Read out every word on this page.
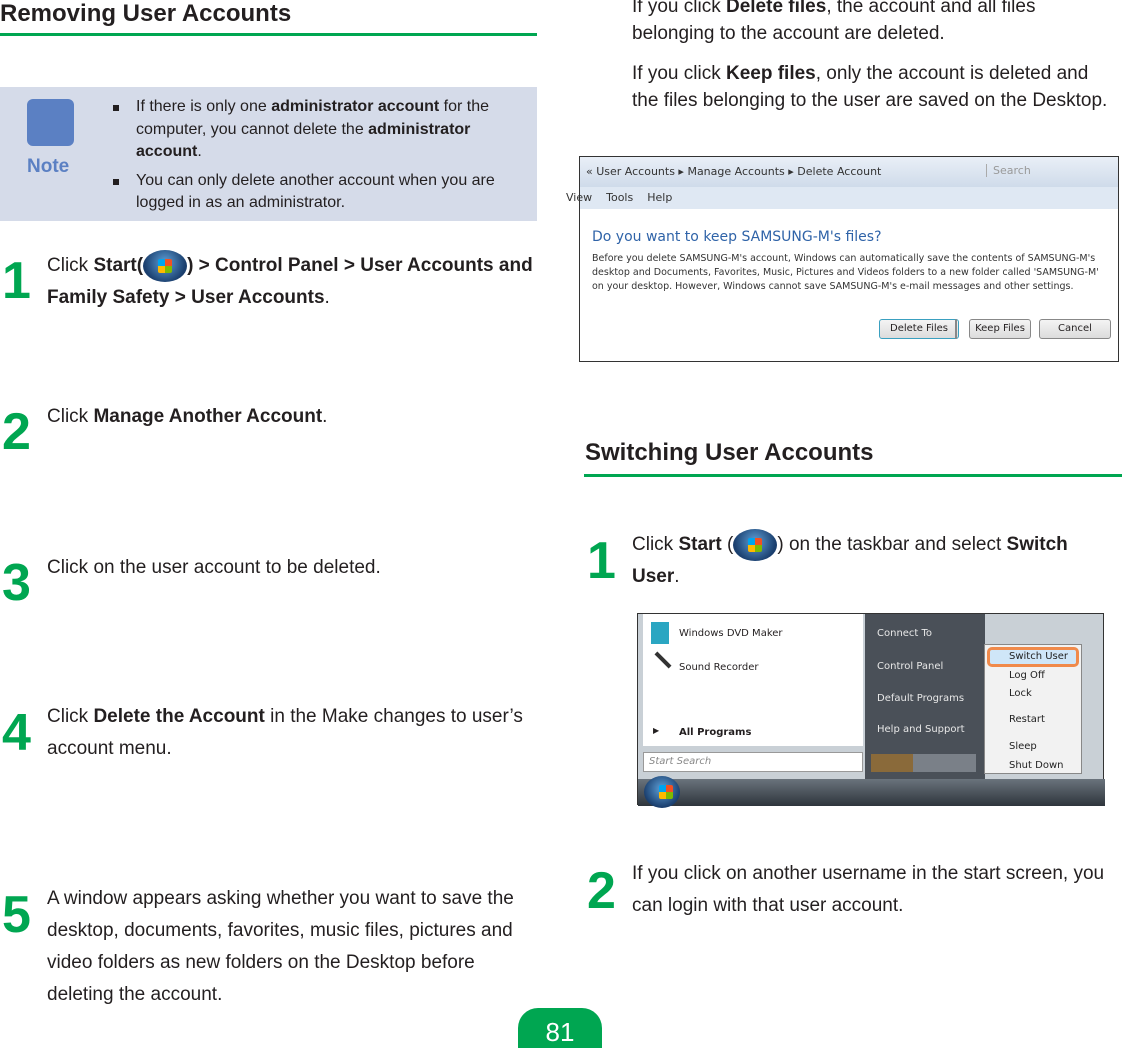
Removing User Accounts
If there is only one administrator account for the computer, you cannot delete the administrator account.
You can only delete another account when you are logged in as an administrator.
Note
1 Click Start( ) > Control Panel > User Accounts and Family Safety > User Accounts.
2 Click Manage Another Account.
3 Click on the user account to be deleted.
4 Click Delete the Account in the Make changes to user’s account menu.
5 A window appears asking whether you want to save the desktop, documents, favorites, music files, pictures and video folders as new folders on the Desktop before deleting the account.
If you click Delete files, the account and all files belonging to the account are deleted.
If you click Keep files, only the account is deleted and the files belonging to the user are saved on the Desktop.
« User Accounts ▸ Manage Accounts ▸ Delete Account	Search
View Tools Help
Do you want to keep SAMSUNG-M's files?
Before you delete SAMSUNG-M's account, Windows can automatically save the contents of SAMSUNG-M's desktop and Documents, Favorites, Music, Pictures and Videos folders to a new folder called 'SAMSUNG-M' on your desktop. However, Windows cannot save SAMSUNG-M's e-mail messages and other settings.
Delete Files	Keep Files	Cancel
Switching User Accounts
1 Click Start ( ) on the taskbar and select Switch User.
Windows DVD Maker
Sound Recorder
▶ All Programs
Start Search
Connect To
Control Panel
Default Programs
Help and Support
Switch User
Log Off
Lock
Restart
Sleep
Shut Down
2 If you click on another username in the start screen, you can login with that user account.
81
